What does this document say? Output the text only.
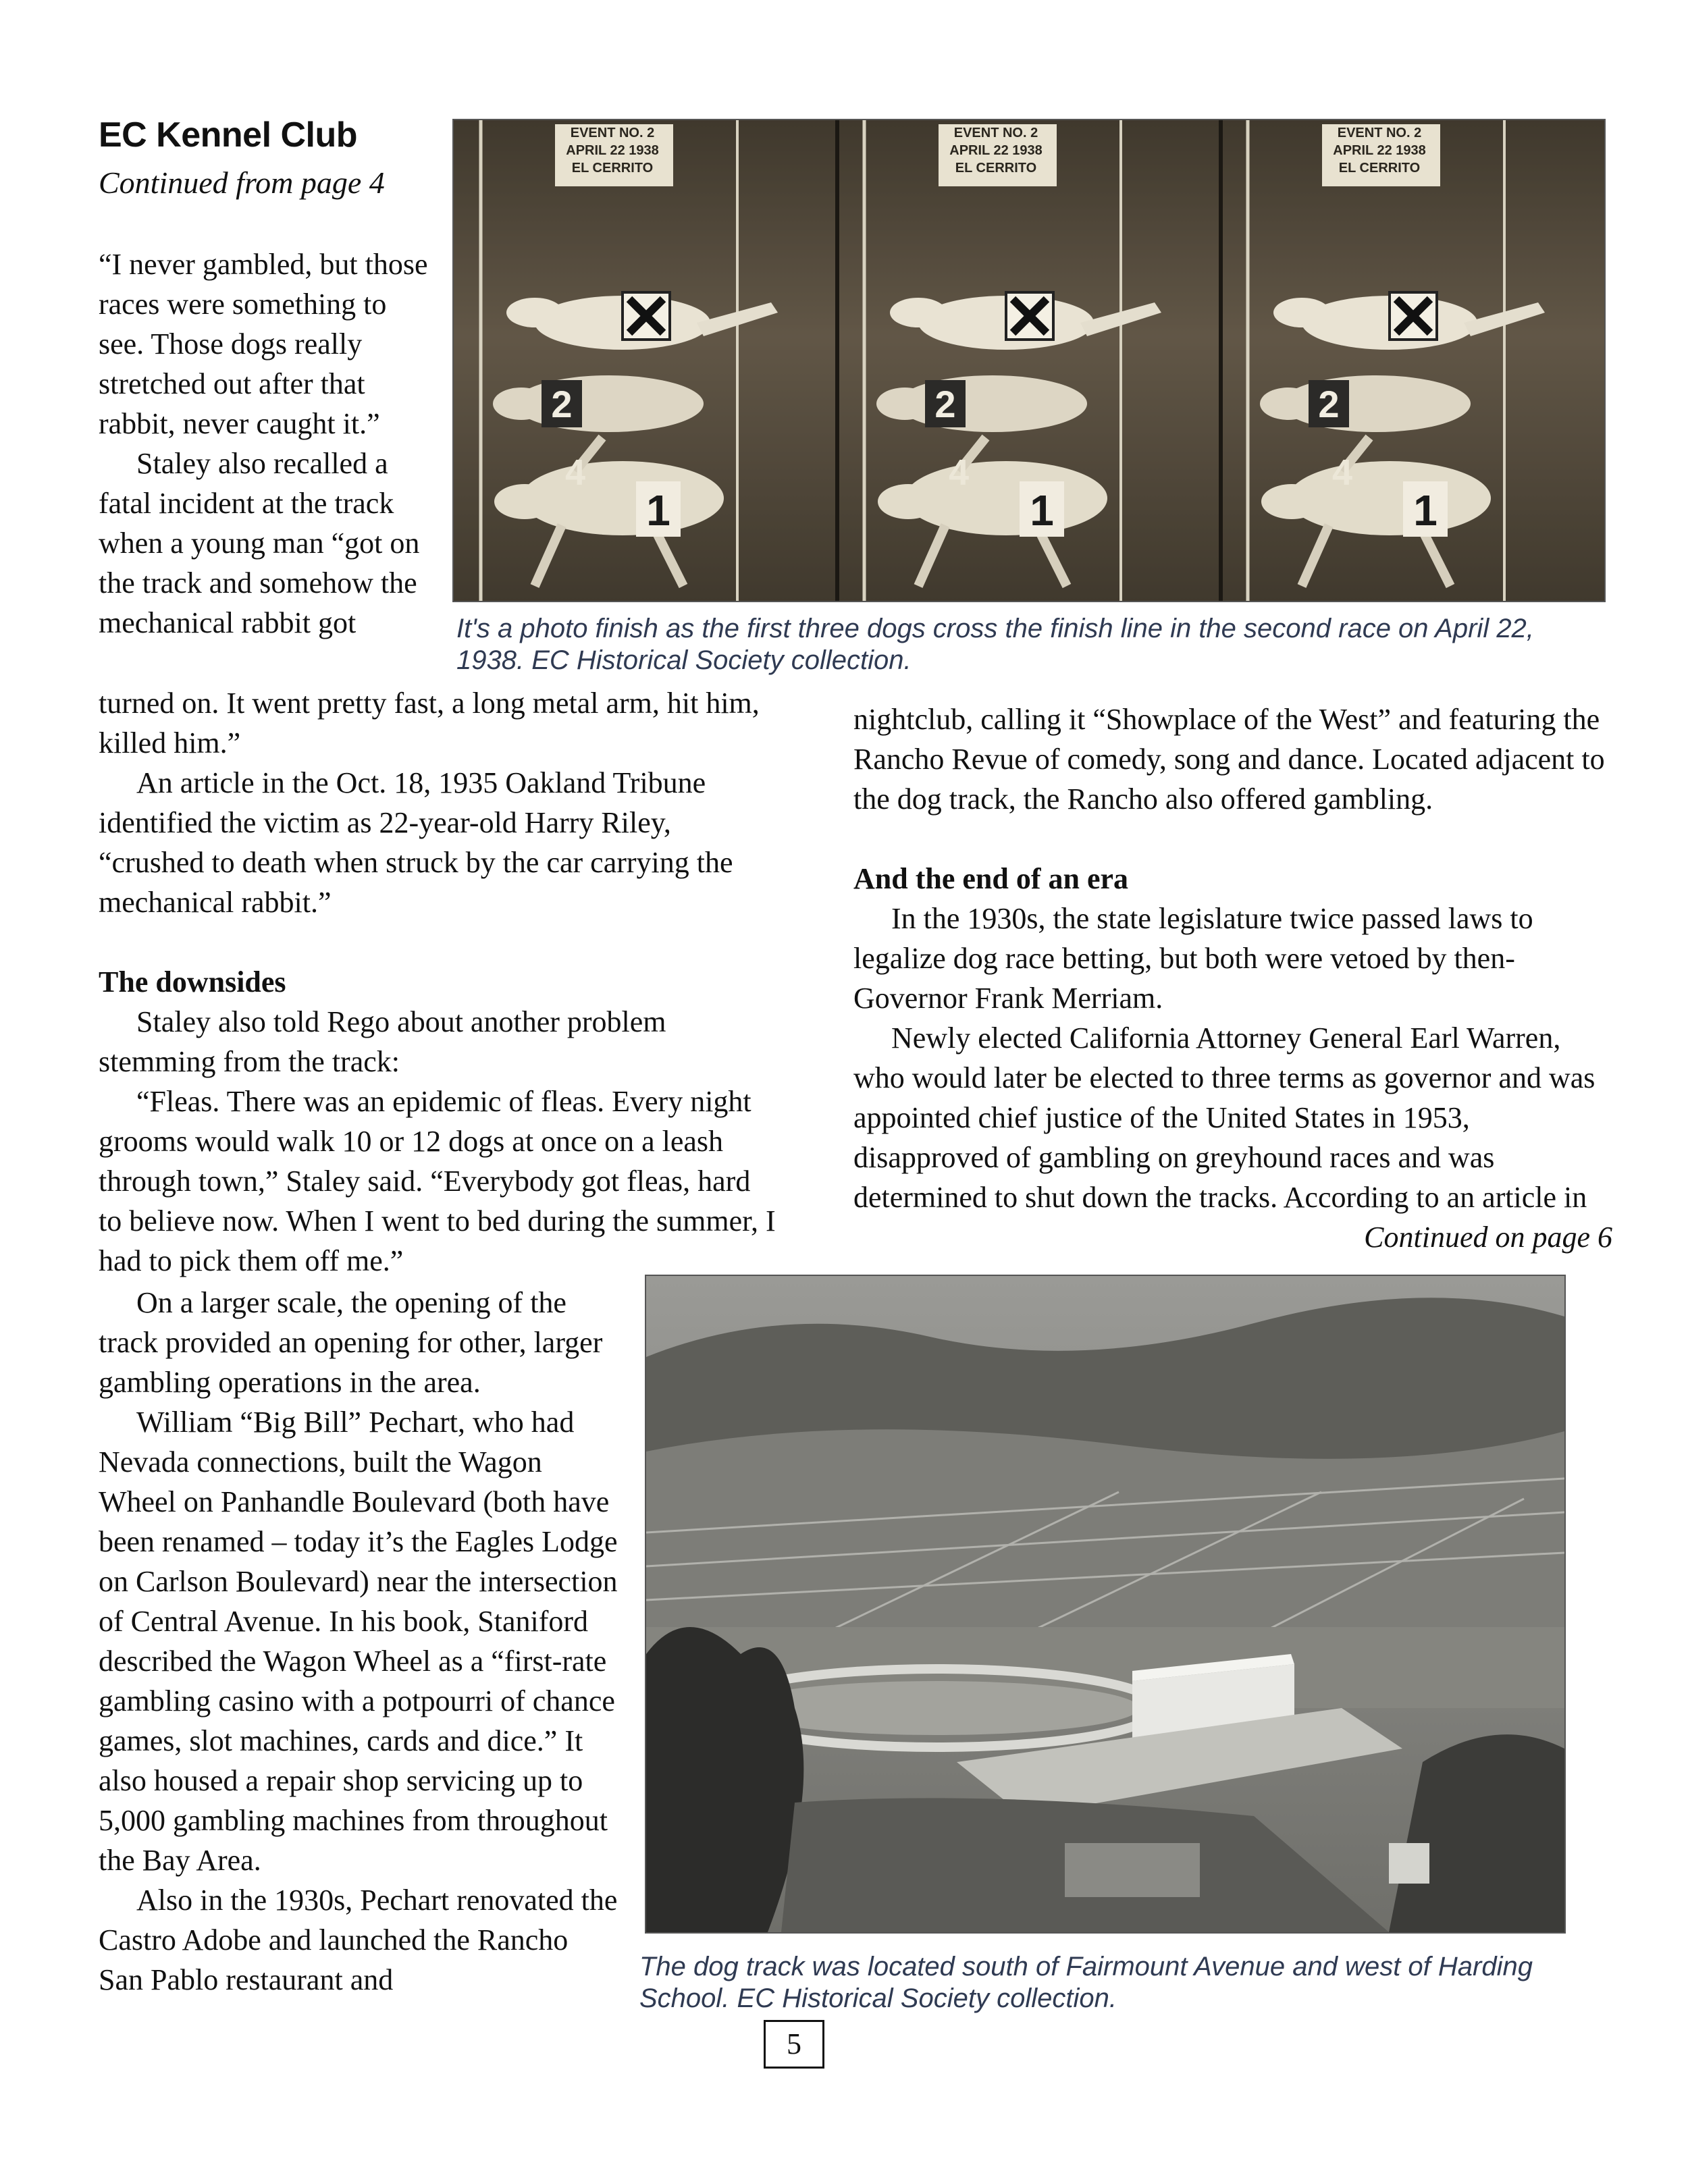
EC Kennel Club
Continued from page 4
2
1
4
EVENT NO. 2
APRIL 22 1938
EL CERRITO
EVENT NO. 2
APRIL 22 1938
EL CERRITO
EVENT NO. 2
APRIL 22 1938
EL CERRITO
It's a photo finish as the first three dogs cross the finish line in the second race on April 22, 1938. EC Historical Society collection.

“I never gambled, but those races were something to see. Those dogs really stretched out after that rabbit, never caught it.”

Staley also recalled a fatal incident at the track when a young man “got on the track and somehow the mechanical rabbit got

turned on. It went pretty fast, a long metal arm, hit him, killed him.”

An article in the Oct. 18, 1935 Oakland Tribune identified the victim as 22-year-old Harry Riley, “crushed to death when struck by the car carrying the mechanical rabbit.”

The downsides

Staley also told Rego about another problem stemming from the track:

“Fleas. There was an epidemic of fleas. Every night grooms would walk 10 or 12 dogs at once on a leash through town,” Staley said. “Everybody got fleas, hard to believe now. When I went to bed during the summer, I had to pick them off me.”

On a larger scale, the opening of the track provided an opening for other, larger gambling operations in the area.

William “Big Bill” Pechart, who had Nevada connections, built the Wagon Wheel on Panhandle Boulevard (both have been renamed – today it’s the Eagles Lodge on Carlson Boulevard) near the intersection of Central Avenue. In his book, Staniford described the Wagon Wheel as a “first-rate gambling casino with a potpourri of chance games, slot machines, cards and dice.” It also housed a repair shop servicing up to 5,000 gambling machines from throughout the Bay Area.

Also in the 1930s, Pechart renovated the Castro Adobe and launched the Rancho San Pablo restaurant and

nightclub, calling it “Showplace of the West” and featuring the Rancho Revue of comedy, song and dance. Located adjacent to the dog track, the Rancho also offered gambling.

And the end of an era

In the 1930s, the state legislature twice passed laws to legalize dog race betting, but both were vetoed by then-Governor Frank Merriam.

Newly elected California Attorney General Earl Warren, who would later be elected to three terms as governor and was appointed chief justice of the United States in 1953, disapproved of gambling on greyhound races and was determined to shut down the tracks. According to an article in

Continued on page 6

The dog track was located south of Fairmount Avenue and west of Harding School. EC Historical Society collection.
5
